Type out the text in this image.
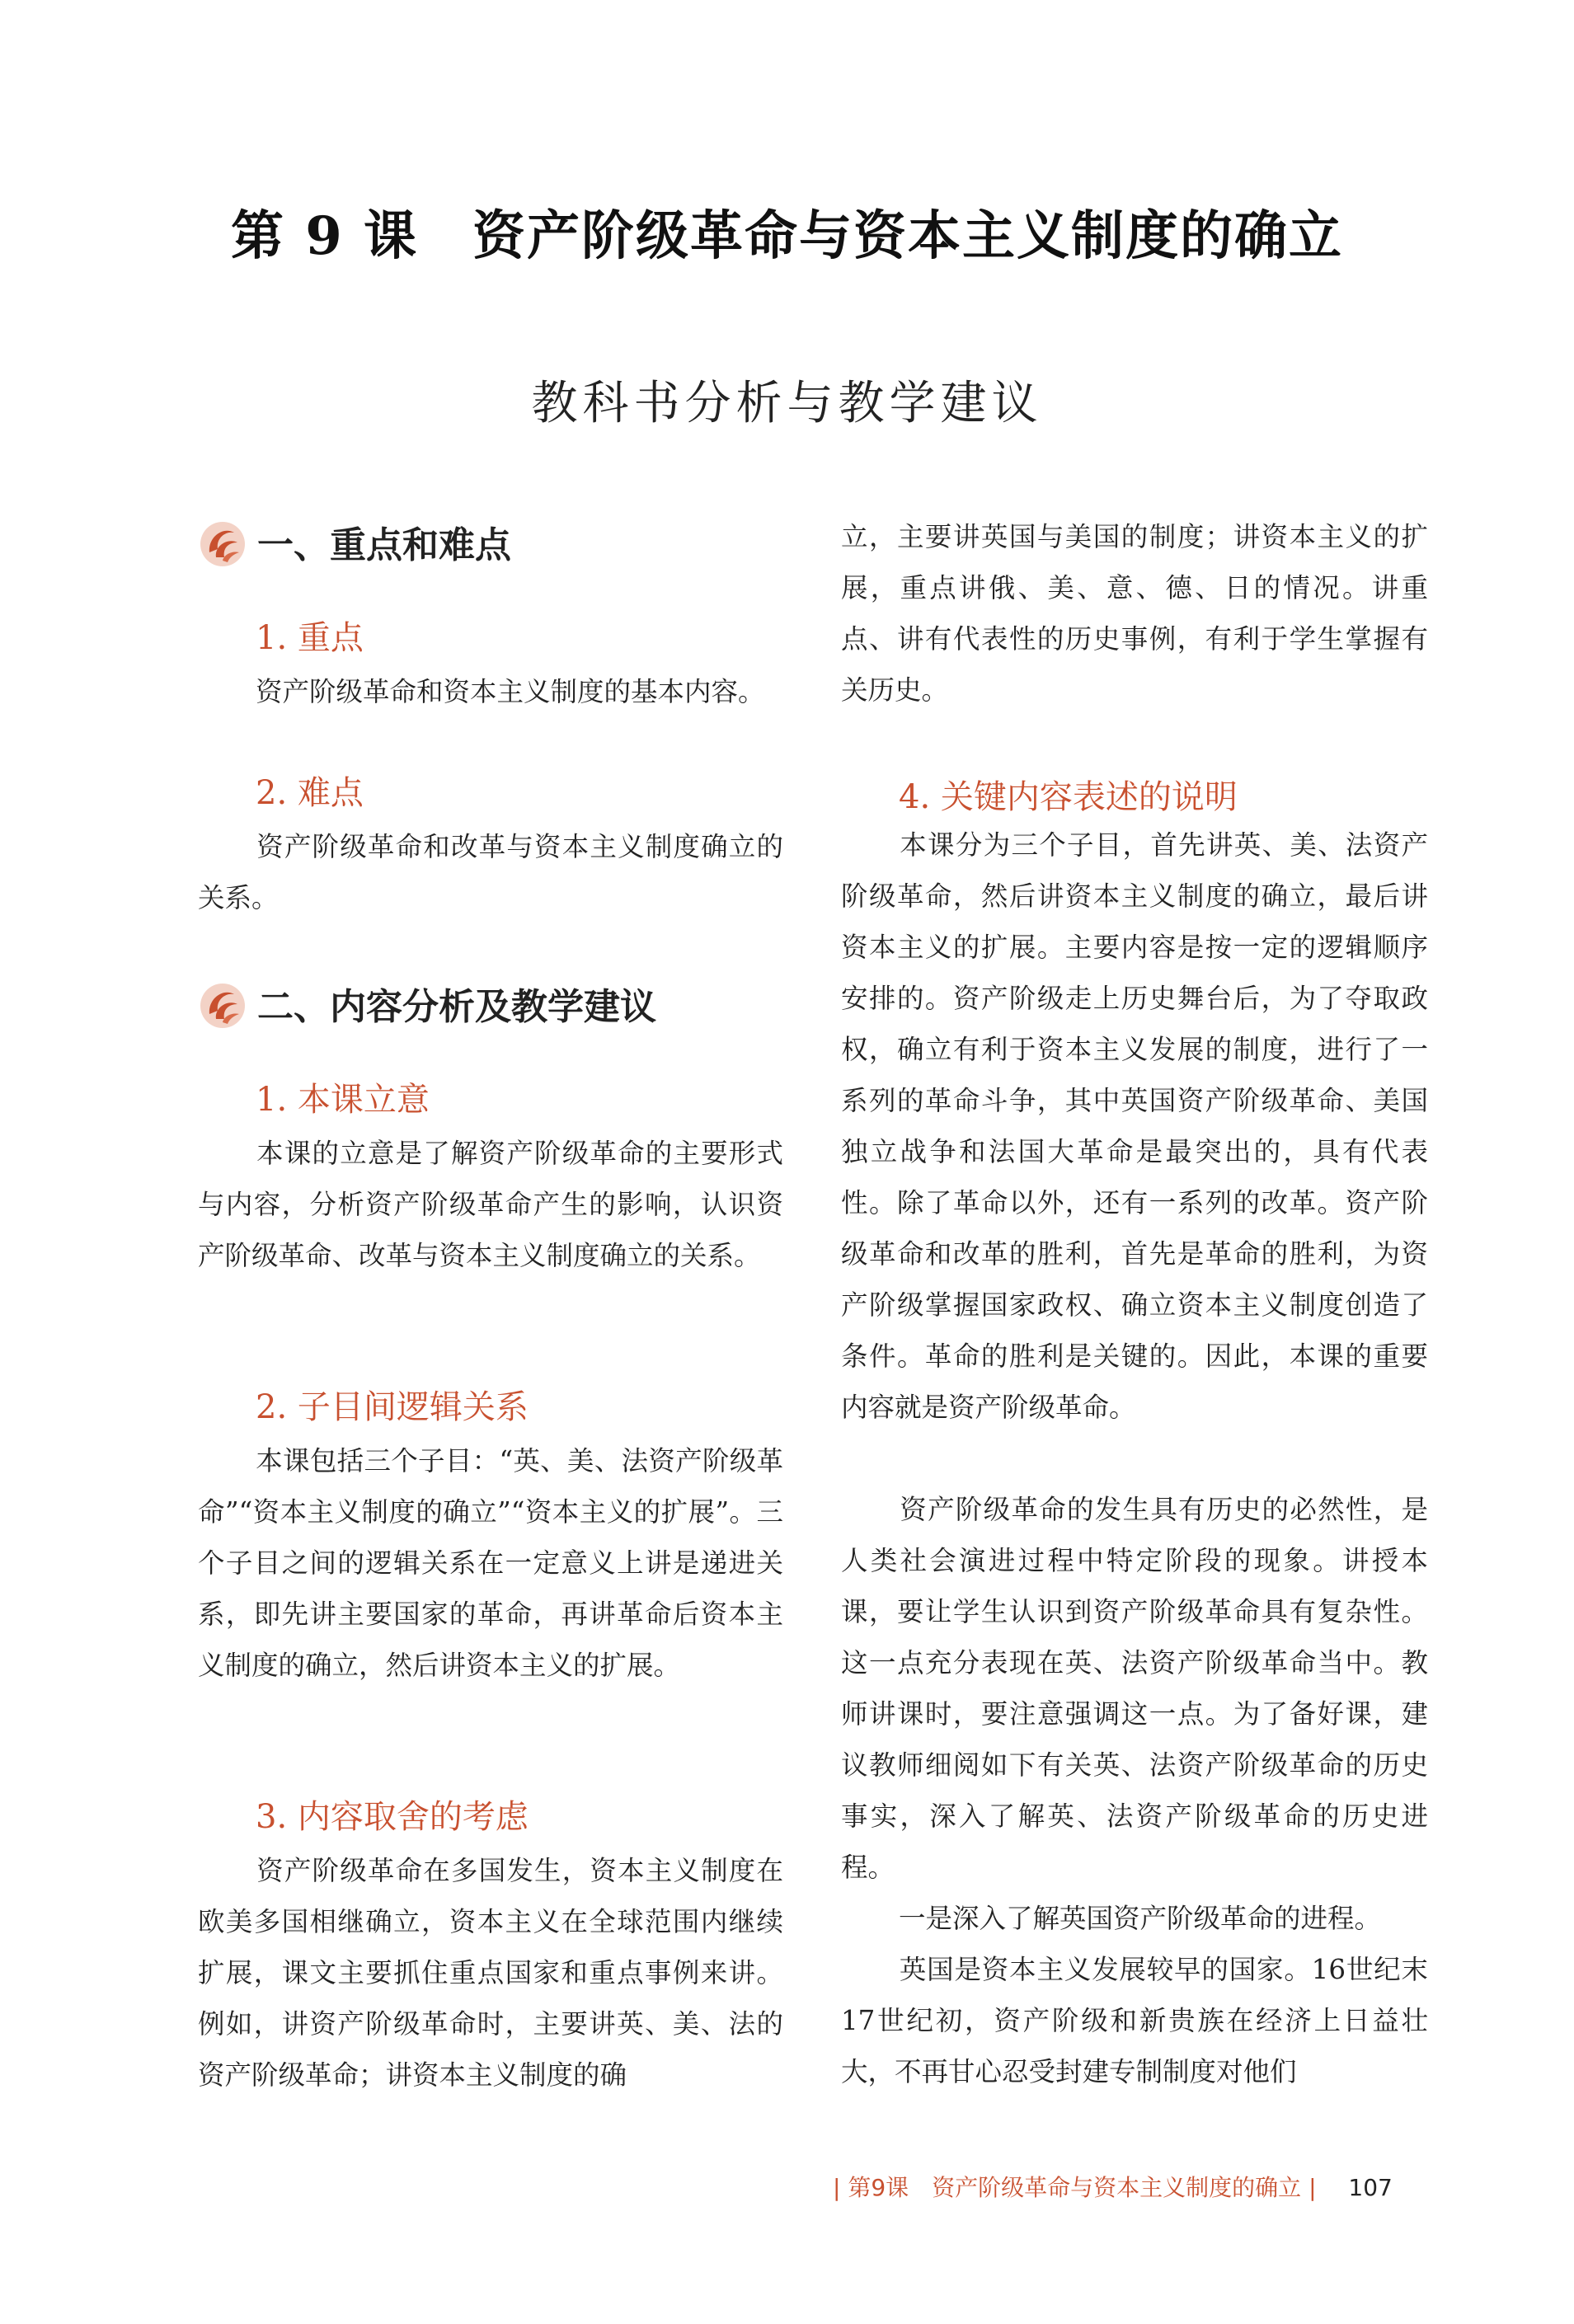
第 9 课　资产阶级革命与资本主义制度的确立
教科书分析与教学建议
一、重点和难点
1. 重点
资产阶级革命和资本主义制度的基本内容。
2. 难点
资产阶级革命和改革与资本主义制度确立的关系。
二、内容分析及教学建议
1. 本课立意
本课的立意是了解资产阶级革命的主要形式与内容，分析资产阶级革命产生的影响，认识资产阶级革命、改革与资本主义制度确立的关系。
2. 子目间逻辑关系
本课包括三个子目：“英、美、法资产阶级革命”“资本主义制度的确立”“资本主义的扩展”。三个子目之间的逻辑关系在一定意义上讲是递进关系，即先讲主要国家的革命，再讲革命后资本主义制度的确立，然后讲资本主义的扩展。
3. 内容取舍的考虑
资产阶级革命在多国发生，资本主义制度在欧美多国相继确立，资本主义在全球范围内继续扩展，课文主要抓住重点国家和重点事例来讲。例如，讲资产阶级革命时，主要讲英、美、法的资产阶级革命；讲资本主义制度的确
立，主要讲英国与美国的制度；讲资本主义的扩展，重点讲俄、美、意、德、日的情况。讲重点、讲有代表性的历史事例，有利于学生掌握有关历史。
4. 关键内容表述的说明
本课分为三个子目，首先讲英、美、法资产阶级革命，然后讲资本主义制度的确立，最后讲资本主义的扩展。主要内容是按一定的逻辑顺序安排的。资产阶级走上历史舞台后，为了夺取政权，确立有利于资本主义发展的制度，进行了一系列的革命斗争，其中英国资产阶级革命、美国独立战争和法国大革命是最突出的，具有代表性。除了革命以外，还有一系列的改革。资产阶级革命和改革的胜利，首先是革命的胜利，为资产阶级掌握国家政权、确立资本主义制度创造了条件。革命的胜利是关键的。因此，本课的重要内容就是资产阶级革命。
资产阶级革命的发生具有历史的必然性，是人类社会演进过程中特定阶段的现象。讲授本课，要让学生认识到资产阶级革命具有复杂性。这一点充分表现在英、法资产阶级革命当中。教师讲课时，要注意强调这一点。为了备好课，建议教师细阅如下有关英、法资产阶级革命的历史事实，深入了解英、法资产阶级革命的历史进程。
一是深入了解英国资产阶级革命的进程。
英国是资本主义发展较早的国家。16世纪末17世纪初，资产阶级和新贵族在经济上日益壮大，不再甘心忍受封建专制制度对他们
| 第9课　资产阶级革命与资本主义制度的确立 | 107
